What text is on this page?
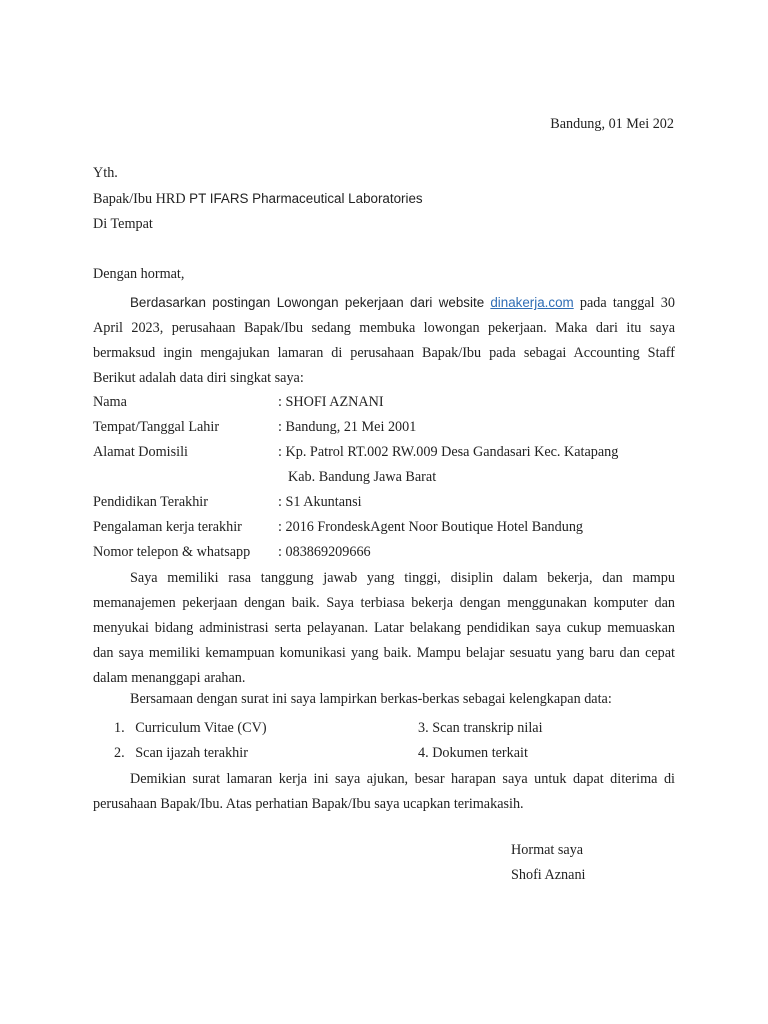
Bandung, 01 Mei 202
Yth.
Bapak/Ibu HRD PT IFARS Pharmaceutical Laboratories
Di Tempat
Dengan hormat,

Berdasarkan postingan Lowongan pekerjaan dari website dinakerja.com pada tanggal 30 April 2023, perusahaan Bapak/Ibu sedang membuka lowongan pekerjaan. Maka dari itu saya bermaksud ingin mengajukan lamaran di perusahaan Bapak/Ibu pada sebagai Accounting Staff Berikut adalah data diri singkat saya:

Nama	: SHOFI AZNANI
Tempat/Tanggal Lahir	: Bandung, 21 Mei 2001
Alamat Domisili	: Kp. Patrol RT.002 RW.009 Desa Gandasari Kec. Katapang
Kab. Bandung Jawa Barat
Pendidikan Terakhir	: S1 Akuntansi
Pengalaman kerja terakhir	: 2016 FrondeskAgent Noor Boutique Hotel Bandung
Nomor telepon & whatsapp : 083869209666

Saya memiliki rasa tanggung jawab yang tinggi, disiplin dalam bekerja, dan mampu memanajemen pekerjaan dengan baik. Saya terbiasa bekerja dengan menggunakan komputer dan menyukai bidang administrasi serta pelayanan. Latar belakang pendidikan saya cukup memuaskan dan saya memiliki kemampuan komunikasi yang baik. Mampu belajar sesuatu yang baru dan cepat dalam menanggapi arahan.

Bersamaan dengan surat ini saya lampirkan berkas-berkas sebagai kelengkapan data:
1. Curriculum Vitae (CV)
2. Scan ijazah terakhir
3. Scan transkrip nilai
4. Dokumen terkait

Demikian surat lamaran kerja ini saya ajukan, besar harapan saya untuk dapat diterima di perusahaan Bapak/Ibu. Atas perhatian Bapak/Ibu saya ucapkan terimakasih.

Hormat saya
Shofi Aznani
